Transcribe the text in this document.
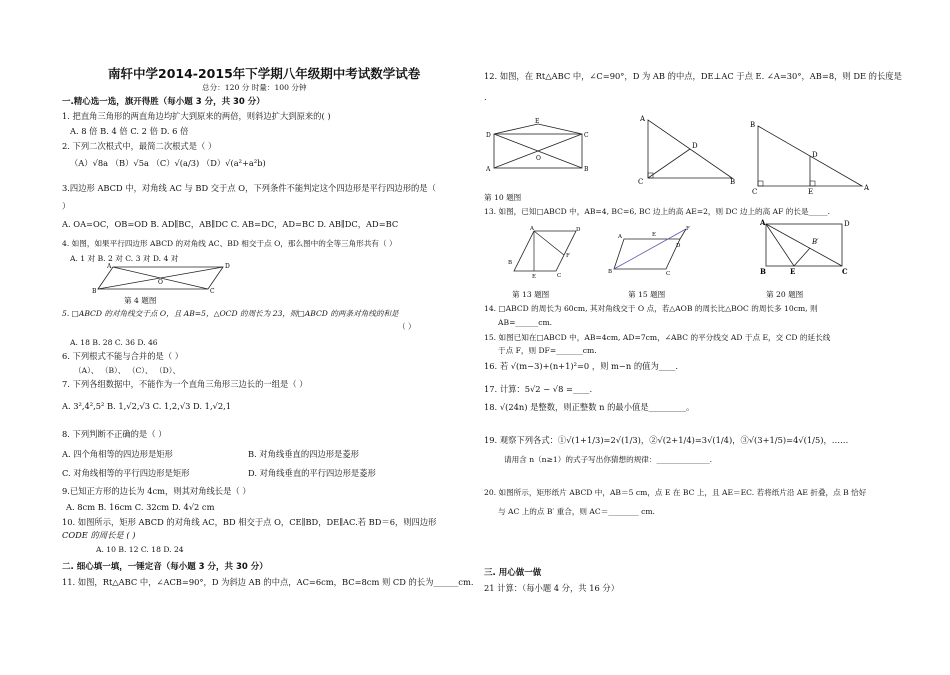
南轩中学2014-2015年下学期八年级期中考试数学试卷
总分：120 分 时量：100 分钟
一.精心选一选，旗开得胜（每小题 3 分，共 30 分）
1. 把直角三角形的两直角边均扩大到原来的两倍，则斜边扩大到原来的( )
A. 8 倍 B. 4 倍 C. 2 倍 D. 6 倍
2. 下列二次根式中，最简二次根式是（ ）
（A）√8a （B）√5a （C）√(a/3) （D）√(a²+a²b)
3.四边形 ABCD 中，对角线 AC 与 BD 交于点 O，下列条件不能判定这个四边形是平行四边形的是（
）
A. OA=OC，OB=OD B. AD∥BC，AB∥DC C. AB=DC，AD=BC D. AB∥DC，AD=BC
4. 如图，如果平行四边形 ABCD 的对角线 AC、BD 相交于点 O，那么图中的全等三角形共有（ ）
A. 1 对 B. 2 对 C. 3 对 D. 4 对
A	D
B	C
O
第 4 题图
5. □ABCD 的对角线交于点 O，且 AB=5，△OCD 的周长为 23，则□ABCD 的两条对角线的和是
（ ）
A. 18 B. 28 C. 36 D. 46
6. 下列根式不能与合并的是（ ）
（A）、 （B）、 （C）、 （D）、
7. 下列各组数据中，不能作为一个直角三角形三边长的一组是（ ）
A. 3²,4²,5² B. 1,√2,√3 C. 1,2,√3 D. 1,√2,1
8. 下列判断不正确的是（ ）
A. 四个角相等的四边形是矩形	B. 对角线垂直的四边形是菱形
C. 对角线相等的平行四边形是矩形	D. 对角线垂直的平行四边形是菱形
9.已知正方形的边长为 4cm，则其对角线长是（ ）
A. 8cm B. 16cm C. 32cm D. 4√2 cm
10. 如图所示，矩形 ABCD 的对角线 AC，BD 相交于点 O，CE∥BD，DE∥AC.若 BD＝6，则四边形
CODE 的周长是 ( )
A. 10 B. 12 C. 18 D. 24
二. 细心填一填，一锤定音（每小题 3 分，共 30 分）
11. 如图，Rt△ABC 中，∠ACB=90°，D 为斜边 AB 的中点，AC=6cm，BC=8cm 则 CD 的长为______cm.
12. 如图，在 Rt△ABC 中，∠C=90°，D 为 AB 的中点，DE⊥AC 于点 E. ∠A=30°，AB=8，则 DE 的长度是
.
E
D	C
A	B
O
A
D
C	B
B
D
C	E	A
第 10 题图
13. 如图，已知□ABCD 中，AB=4, BC=6, BC 边上的高 AE=2，则 DC 边上的高 AF 的长是_____.
A	D
F
B
E	C
A	E
D
F
B	C
A	D
B′
B	E	C
第 13 题图	第 15 题图	第 20 题图
14. □ABCD 的周长为 60cm, 其对角线交于 O 点，若△AOB 的周长比△BOC 的周长多 10cm, 则
AB=______cm.
15. 如图已知在□ABCD 中，AB=4cm, AD=7cm，∠ABC 的平分线交 AD 于点 E，交 CD 的延长线
于点 F，则 DF=_______cm.
16. 若 √(m−3)+(n+1)²=0 ，则 m−n 的值为____.
17. 计算：5√2 − √8 =____.
18. √(24n) 是整数，则正整数 n 的最小值是_________。
19. 观察下列各式：①√(1+1/3)=2√(1/3)，②√(2+1/4)=3√(1/4)，③√(3+1/5)=4√(1/5)，……
请用含 n（n≥1）的式子写出你猜想的规律：______________.
20. 如图所示，矩形纸片 ABCD 中，AB＝5 cm，点 E 在 BC 上，且 AE＝EC. 若将纸片沿 AE 折叠，点 B 恰好
与 AC 上的点 B′ 重合，则 AC＝________ cm.
三. 用心做一做
21 计算：（每小题 4 分，共 16 分）
